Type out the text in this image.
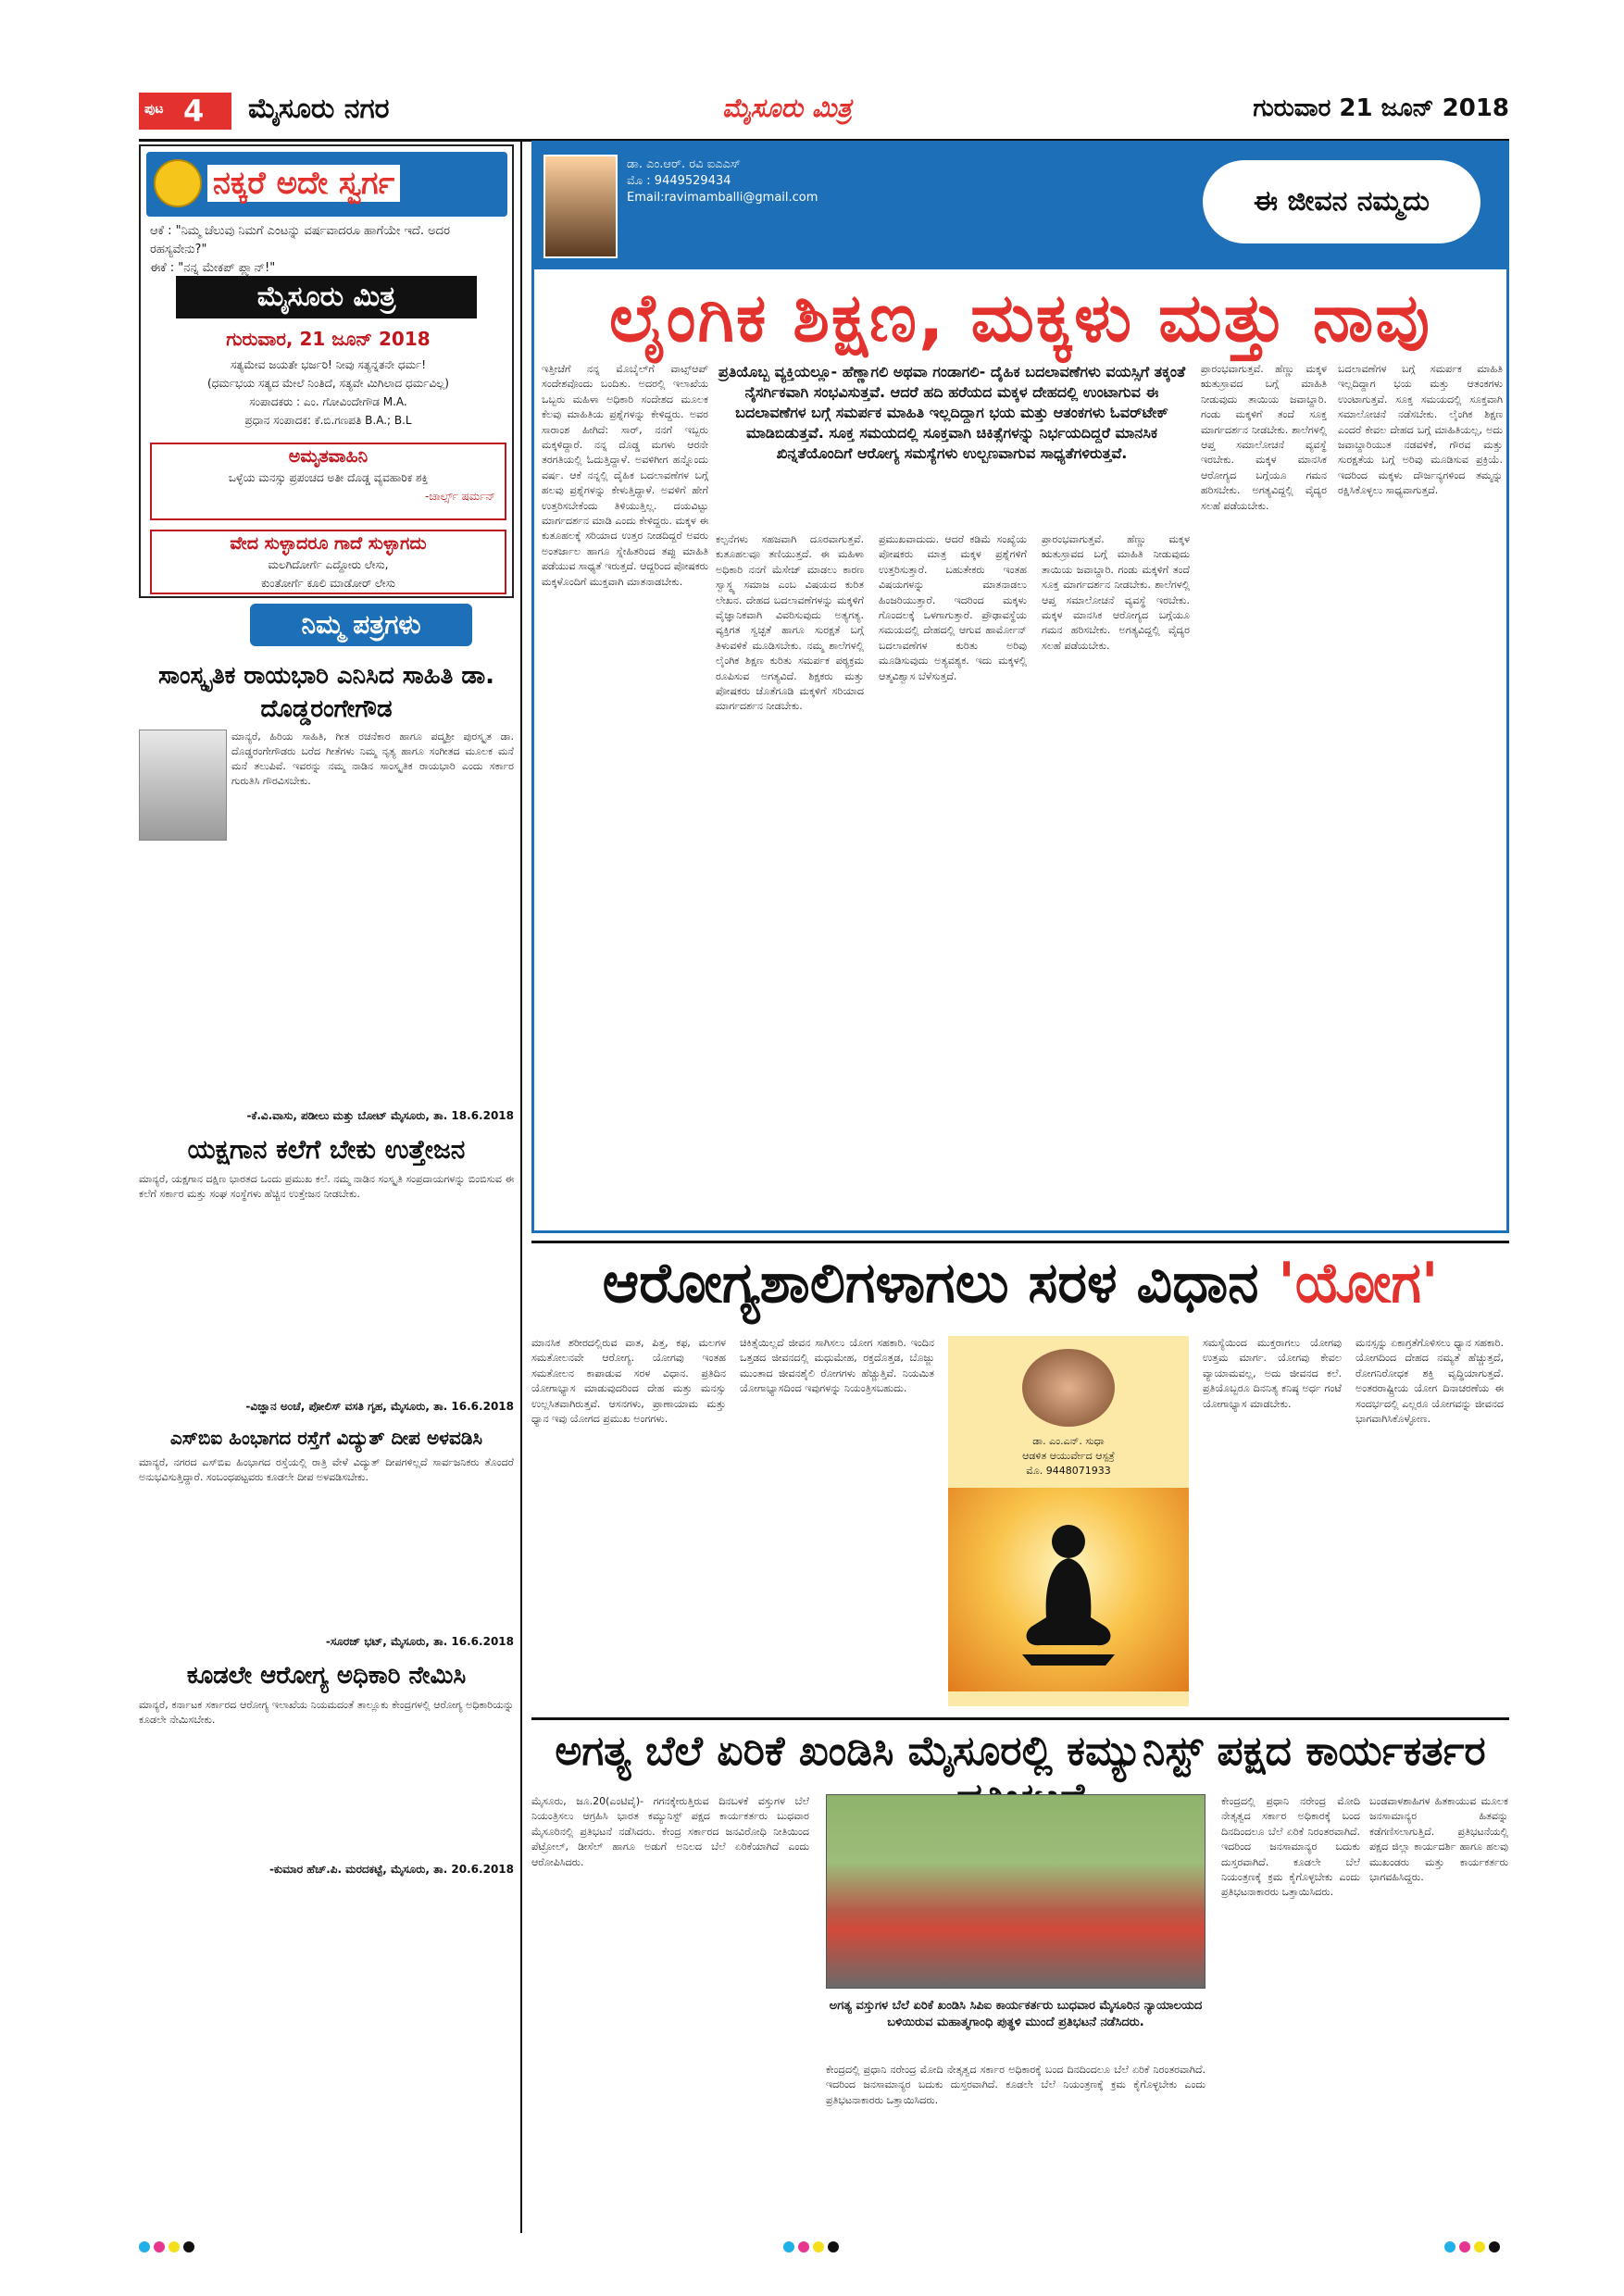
ಪುಟ 4 ಮೈಸೂರು ನಗರ	ಮೈಸೂರು ಮಿತ್ರ	ಗುರುವಾರ 21 ಜೂನ್ 2018
ನಕ್ಕರೆ ಅದೇ ಸ್ವರ್ಗ
ಆಕೆ : "ನಿಮ್ಮ ಚೆಲುವು ನಿಮಗೆ ಎಂಟನ್ನು ವರ್ಷವಾದರೂ ಹಾಗೆಯೇ ಇದೆ. ಅದರ ರಹಸ್ಯವೇನು?"
ಈಕೆ : "ನನ್ನ ಮೇಕಪ್ ಪ್ಲ್ಯಾನ್!"
ಮೈಸೂರು ಮಿತ್ರ
ಗುರುವಾರ, 21 ಜೂನ್ 2018
ಸತ್ಯಮೇವ ಜಯತೇ ಭರ್ಜರಿ! ನೀವು ಸತ್ಯನ್ನತನೇ ಧರ್ಮ!
(ಧರ್ಮಭಯ ಸತ್ಯದ ಮೇಲೆ ನಿಂತಿದೆ, ಸತ್ಯವೇ ಮಿಗಿಲಾದ ಧರ್ಮವಿಲ್ಲ)
ಸಂಪಾದಕರು : ಎಂ. ಗೋವಿಂದೇಗೌಡ M.A.
ಪ್ರಧಾನ ಸಂಪಾದಕ: ಕೆ.ಬಿ.ಗಣಪತಿ B.A.; B.L
ಅಮೃತವಾಹಿನಿ
ಒಳ್ಳೆಯ ಮನಸ್ಸು ಪ್ರಪಂಚದ ಅತೀ ದೊಡ್ಡ ವ್ಯವಹಾರಿಕ ಶಕ್ತಿ
-ಚಾರ್ಲ್ಸ್ ಷರ್ಮನ್
ವೇದ ಸುಳ್ಳಾದರೂ ಗಾದೆ ಸುಳ್ಳಾಗದು
ಮಲಗಿದೋರ್ಗೆ ಎದ್ದೋರು ಲೇಸು,
ಕುಂತೋರ್ಗೆ ಕೂಲಿ ಮಾಡೋರ್ ಲೇಸು
ನಿಮ್ಮ ಪತ್ರಗಳು
ಸಾಂಸ್ಕೃತಿಕ ರಾಯಭಾರಿ ಎನಿಸಿದ ಸಾಹಿತಿ ಡಾ. ದೊಡ್ಡರಂಗೇಗೌಡ
ಮಾನ್ಯರೆ, ಹಿರಿಯ ಸಾಹಿತಿ, ಗೀತ ರಚನೆಕಾರ ಹಾಗೂ ಪದ್ಮಶ್ರೀ ಪುರಸ್ಕೃತ ಡಾ. ದೊಡ್ಡರಂಗೇಗೌಡರು ಬರೆದ ಗೀತೆಗಳು ನಿಮ್ಮ ನೃತ್ಯ ಹಾಗೂ ಸಂಗೀತದ ಮೂಲಕ ಮನೆ ಮನೆ ತಲುಪಿವೆ. ಇವರನ್ನು ನಮ್ಮ ನಾಡಿನ ಸಾಂಸ್ಕೃತಿಕ ರಾಯಭಾರಿ ಎಂದು ಸರ್ಕಾರ ಗುರುತಿಸಿ ಗೌರವಿಸಬೇಕು.
-ಕೆ.ವಿ.ವಾಸು, ಪಡೀಲು ಮತ್ತು ಬೋಟ್ ಮೈಸೂರು, ತಾ. 18.6.2018
ಯಕ್ಷಗಾನ ಕಲೆಗೆ ಬೇಕು ಉತ್ತೇಜನ
ಮಾನ್ಯರೆ, ಯಕ್ಷಗಾನ ದಕ್ಷಿಣ ಭಾರತದ ಒಂದು ಪ್ರಮುಖ ಕಲೆ. ನಮ್ಮ ನಾಡಿನ ಸಂಸ್ಕೃತಿ ಸಂಪ್ರದಾಯಗಳನ್ನು ಬಿಂಬಿಸುವ ಈ ಕಲೆಗೆ ಸರ್ಕಾರ ಮತ್ತು ಸಂಘ ಸಂಸ್ಥೆಗಳು ಹೆಚ್ಚಿನ ಉತ್ತೇಜನ ನೀಡಬೇಕು.
-ವಿಜ್ಞಾನ ಅಂಚೆ, ಪೋಲಿಸ್ ವಸತಿ ಗೃಹ, ಮೈಸೂರು, ತಾ. 16.6.2018
ಎಸ್‌ಬಿಐ ಹಿಂಭಾಗದ ರಸ್ತೆಗೆ ವಿದ್ಯುತ್ ದೀಪ ಅಳವಡಿಸಿ
ಮಾನ್ಯರೆ, ನಗರದ ಎಸ್‌ಬಿಐ ಹಿಂಭಾಗದ ರಸ್ತೆಯಲ್ಲಿ ರಾತ್ರಿ ವೇಳೆ ವಿದ್ಯುತ್ ದೀಪಗಳಿಲ್ಲದೆ ಸಾರ್ವಜನಿಕರು ತೊಂದರೆ ಅನುಭವಿಸುತ್ತಿದ್ದಾರೆ. ಸಂಬಂಧಪಟ್ಟವರು ಕೂಡಲೇ ದೀಪ ಅಳವಡಿಸಬೇಕು.
-ಸೂರಜ್ ಭಟ್, ಮೈಸೂರು, ತಾ. 16.6.2018
ಕೂಡಲೇ ಆರೋಗ್ಯ ಅಧಿಕಾರಿ ನೇಮಿಸಿ
ಮಾನ್ಯರೆ, ಕರ್ನಾಟಕ ಸರ್ಕಾರದ ಆರೋಗ್ಯ ಇಲಾಖೆಯ ನಿಯಮದಂತೆ ತಾಲ್ಲೂಕು ಕೇಂದ್ರಗಳಲ್ಲಿ ಆರೋಗ್ಯ ಅಧಿಕಾರಿಯನ್ನು ಕೂಡಲೇ ನೇಮಿಸಬೇಕು.
-ಕುಮಾರ ಹೆಚ್.ಪಿ. ಮರದಕಟ್ಟೆ, ಮೈಸೂರು, ತಾ. 20.6.2018
ಡಾ. ಎಂ.ಆರ್. ರವಿ ಐಎಎಸ್
ಮೊ : 9449529434
Email:ravimamballi@gmail.com	ಈ ಜೀವನ ನಮ್ಮದು
ಲೈಂಗಿಕ ಶಿಕ್ಷಣ, ಮಕ್ಕಳು ಮತ್ತು ನಾವು
ಇತ್ತೀಚೆಗೆ ನನ್ನ ಮೊಬೈಲ್‌ಗೆ ವಾಟ್ಸ್‌ಆಪ್ ಸಂದೇಶವೊಂದು ಬಂದಿತು. ಅದರಲ್ಲಿ ಇಲಾಖೆಯ ಒಬ್ಬರು ಮಹಿಳಾ ಅಧಿಕಾರಿ ಸಂದೇಶದ ಮೂಲಕ ಕೆಲವು ಮಾಹಿತಿಯ ಪ್ರಶ್ನೆಗಳನ್ನು ಕೇಳಿದ್ದರು. ಅವರ ಸಾರಾಂಶ ಹೀಗಿದೆ: ಸಾರ್, ನನಗೆ ಇಬ್ಬರು ಮಕ್ಕಳಿದ್ದಾರೆ. ನನ್ನ ದೊಡ್ಡ ಮಗಳು ಆರನೇ ತರಗತಿಯಲ್ಲಿ ಓದುತ್ತಿದ್ದಾಳೆ. ಅವಳಿಗೀಗ ಹನ್ನೊಂದು ವರ್ಷ. ಆಕೆ ನನ್ನಲ್ಲಿ ದೈಹಿಕ ಬದಲಾವಣೆಗಳ ಬಗ್ಗೆ ಹಲವು ಪ್ರಶ್ನೆಗಳನ್ನು ಕೇಳುತ್ತಿದ್ದಾಳೆ. ಅವಳಿಗೆ ಹೇಗೆ ಉತ್ತರಿಸಬೇಕೆಂದು ತಿಳಿಯುತ್ತಿಲ್ಲ. ದಯವಿಟ್ಟು ಮಾರ್ಗದರ್ಶನ ಮಾಡಿ ಎಂದು ಕೇಳಿದ್ದರು. ಮಕ್ಕಳ ಈ ಕುತೂಹಲಕ್ಕೆ ಸರಿಯಾದ ಉತ್ತರ ನೀಡದಿದ್ದರೆ ಅವರು ಅಂತರ್ಜಾಲ ಹಾಗೂ ಸ್ನೇಹಿತರಿಂದ ತಪ್ಪು ಮಾಹಿತಿ ಪಡೆಯುವ ಸಾಧ್ಯತೆ ಇರುತ್ತದೆ. ಆದ್ದರಿಂದ ಪೋಷಕರು ಮಕ್ಕಳೊಂದಿಗೆ ಮುಕ್ತವಾಗಿ ಮಾತನಾಡಬೇಕು.
ಪ್ರತಿಯೊಬ್ಬ ವ್ಯಕ್ತಿಯಲ್ಲೂ- ಹೆಣ್ಣಾಗಲಿ ಅಥವಾ ಗಂಡಾಗಲಿ- ದೈಹಿಕ ಬದಲಾವಣೆಗಳು ವಯಸ್ಸಿಗೆ ತಕ್ಕಂತೆ ನೈಸರ್ಗಿಕವಾಗಿ ಸಂಭವಿಸುತ್ತವೆ. ಆದರೆ ಹದಿ ಹರೆಯದ ಮಕ್ಕಳ ದೇಹದಲ್ಲಿ ಉಂಟಾಗುವ ಈ ಬದಲಾವಣೆಗಳ ಬಗ್ಗೆ ಸಮರ್ಪಕ ಮಾಹಿತಿ ಇಲ್ಲದಿದ್ದಾಗ ಭಯ ಮತ್ತು ಆತಂಕಗಳು ಓವರ್‌ಟೇಕ್ ಮಾಡಿಬಿಡುತ್ತವೆ. ಸೂಕ್ತ ಸಮಯದಲ್ಲಿ ಸೂಕ್ತವಾಗಿ ಚಿಕಿತ್ಸೆಗಳನ್ನು ನಿರ್ಭಯದಿದ್ದರೆ ಮಾನಸಿಕ ಖಿನ್ನತೆಯೊಂದಿಗೆ ಆರೋಗ್ಯ ಸಮಸ್ಯೆಗಳು ಉಲ್ಬಣವಾಗುವ ಸಾಧ್ಯತೆಗಳಿರುತ್ತವೆ.
ಕಲ್ಪನೆಗಳು ಸಹಜವಾಗಿ ದೂರವಾಗುತ್ತವೆ. ಕುತೂಹಲವೂ ತಣಿಯುತ್ತದೆ. ಈ ಮಹಿಳಾ ಅಧಿಕಾರಿ ನನಗೆ ಮೆಸೇಜ್ ಮಾಡಲು ಕಾರಣ ಸ್ವಾಸ್ಥ್ಯ ಸಮಾಜ ಎಂಬ ವಿಷಯದ ಕುರಿತ ಲೇಖನ. ದೇಹದ ಬದಲಾವಣೆಗಳನ್ನು ಮಕ್ಕಳಿಗೆ ವೈಜ್ಞಾನಿಕವಾಗಿ ವಿವರಿಸುವುದು ಅತ್ಯಗತ್ಯ. ವ್ಯಕ್ತಿಗತ ಸ್ವಚ್ಛತೆ ಹಾಗೂ ಸುರಕ್ಷತೆ ಬಗ್ಗೆ ತಿಳುವಳಿಕೆ ಮೂಡಿಸಬೇಕು. ನಮ್ಮ ಶಾಲೆಗಳಲ್ಲಿ ಲೈಂಗಿಕ ಶಿಕ್ಷಣ ಕುರಿತು ಸಮರ್ಪಕ ಪಠ್ಯಕ್ರಮ ರೂಪಿಸುವ ಅಗತ್ಯವಿದೆ. ಶಿಕ್ಷಕರು ಮತ್ತು ಪೋಷಕರು ಜೊತೆಗೂಡಿ ಮಕ್ಕಳಿಗೆ ಸರಿಯಾದ ಮಾರ್ಗದರ್ಶನ ನೀಡಬೇಕು.
ಪ್ರಮುಖವಾದುದು. ಆದರೆ ಕಡಿಮೆ ಸಂಖ್ಯೆಯ ಪೋಷಕರು ಮಾತ್ರ ಮಕ್ಕಳ ಪ್ರಶ್ನೆಗಳಿಗೆ ಉತ್ತರಿಸುತ್ತಾರೆ. ಬಹುತೇಕರು ಇಂತಹ ವಿಷಯಗಳನ್ನು ಮಾತನಾಡಲು ಹಿಂಜರಿಯುತ್ತಾರೆ. ಇದರಿಂದ ಮಕ್ಕಳು ಗೊಂದಲಕ್ಕೆ ಒಳಗಾಗುತ್ತಾರೆ. ಪ್ರೌಢಾವಸ್ಥೆಯ ಸಮಯದಲ್ಲಿ ದೇಹದಲ್ಲಿ ಆಗುವ ಹಾರ್ಮೋನ್ ಬದಲಾವಣೆಗಳ ಕುರಿತು ಅರಿವು ಮೂಡಿಸುವುದು ಅತ್ಯವಶ್ಯಕ. ಇದು ಮಕ್ಕಳಲ್ಲಿ ಆತ್ಮವಿಶ್ವಾಸ ಬೆಳೆಸುತ್ತದೆ.
ಪ್ರಾರಂಭವಾಗುತ್ತವೆ. ಹೆಣ್ಣು ಮಕ್ಕಳ ಋತುಸ್ರಾವದ ಬಗ್ಗೆ ಮಾಹಿತಿ ನೀಡುವುದು ತಾಯಿಯ ಜವಾಬ್ದಾರಿ. ಗಂಡು ಮಕ್ಕಳಿಗೆ ತಂದೆ ಸೂಕ್ತ ಮಾರ್ಗದರ್ಶನ ನೀಡಬೇಕು. ಶಾಲೆಗಳಲ್ಲಿ ಆಪ್ತ ಸಮಾಲೋಚನೆ ವ್ಯವಸ್ಥೆ ಇರಬೇಕು. ಮಕ್ಕಳ ಮಾನಸಿಕ ಆರೋಗ್ಯದ ಬಗ್ಗೆಯೂ ಗಮನ ಹರಿಸಬೇಕು. ಅಗತ್ಯವಿದ್ದಲ್ಲಿ ವೈದ್ಯರ ಸಲಹೆ ಪಡೆಯಬೇಕು.
ಬದಲಾವಣೆಗಳ ಬಗ್ಗೆ ಸಮರ್ಪಕ ಮಾಹಿತಿ ಇಲ್ಲದಿದ್ದಾಗ ಭಯ ಮತ್ತು ಆತಂಕಗಳು ಉಂಟಾಗುತ್ತವೆ. ಸೂಕ್ತ ಸಮಯದಲ್ಲಿ ಸೂಕ್ತವಾಗಿ ಸಮಾಲೋಚನೆ ನಡೆಸಬೇಕು. ಲೈಂಗಿಕ ಶಿಕ್ಷಣ ಎಂದರೆ ಕೇವಲ ದೇಹದ ಬಗ್ಗೆ ಮಾಹಿತಿಯಲ್ಲ, ಅದು ಜವಾಬ್ದಾರಿಯುತ ನಡವಳಿಕೆ, ಗೌರವ ಮತ್ತು ಸುರಕ್ಷತೆಯ ಬಗ್ಗೆ ಅರಿವು ಮೂಡಿಸುವ ಪ್ರಕ್ರಿಯೆ. ಇದರಿಂದ ಮಕ್ಕಳು ದೌರ್ಜನ್ಯಗಳಿಂದ ತಮ್ಮನ್ನು ರಕ್ಷಿಸಿಕೊಳ್ಳಲು ಸಾಧ್ಯವಾಗುತ್ತದೆ.
ಪ್ರಾರಂಭವಾಗುತ್ತವೆ. ಹೆಣ್ಣು ಮಕ್ಕಳ ಋತುಸ್ರಾವದ ಬಗ್ಗೆ ಮಾಹಿತಿ ನೀಡುವುದು ತಾಯಿಯ ಜವಾಬ್ದಾರಿ. ಗಂಡು ಮಕ್ಕಳಿಗೆ ತಂದೆ ಸೂಕ್ತ ಮಾರ್ಗದರ್ಶನ ನೀಡಬೇಕು. ಶಾಲೆಗಳಲ್ಲಿ ಆಪ್ತ ಸಮಾಲೋಚನೆ ವ್ಯವಸ್ಥೆ ಇರಬೇಕು. ಮಕ್ಕಳ ಮಾನಸಿಕ ಆರೋಗ್ಯದ ಬಗ್ಗೆಯೂ ಗಮನ ಹರಿಸಬೇಕು. ಅಗತ್ಯವಿದ್ದಲ್ಲಿ ವೈದ್ಯರ ಸಲಹೆ ಪಡೆಯಬೇಕು.
ಆರೋಗ್ಯಶಾಲಿಗಳಾಗಲು ಸರಳ ವಿಧಾನ 'ಯೋಗ'
ಮಾನಸಿಕ ಶರೀರದಲ್ಲಿರುವ ವಾತ, ಪಿತ್ತ, ಕಫ, ಮಲಗಳ ಸಮತೋಲನವೇ ಆರೋಗ್ಯ. ಯೋಗವು ಇಂತಹ ಸಮತೋಲನ ಕಾಪಾಡುವ ಸರಳ ವಿಧಾನ. ಪ್ರತಿದಿನ ಯೋಗಾಭ್ಯಾಸ ಮಾಡುವುದರಿಂದ ದೇಹ ಮತ್ತು ಮನಸ್ಸು ಉಲ್ಲಸಿತವಾಗಿರುತ್ತವೆ. ಆಸನಗಳು, ಪ್ರಾಣಾಯಾಮ ಮತ್ತು ಧ್ಯಾನ ಇವು ಯೋಗದ ಪ್ರಮುಖ ಅಂಗಗಳು.
ಚಿಕಿತ್ಸೆಯಿಲ್ಲದೆ ಜೀವನ ಸಾಗಿಸಲು ಯೋಗ ಸಹಕಾರಿ. ಇಂದಿನ ಒತ್ತಡದ ಜೀವನದಲ್ಲಿ ಮಧುಮೇಹ, ರಕ್ತದೊತ್ತಡ, ಬೊಜ್ಜು ಮುಂತಾದ ಜೀವನಶೈಲಿ ರೋಗಗಳು ಹೆಚ್ಚುತ್ತಿವೆ. ನಿಯಮಿತ ಯೋಗಾಭ್ಯಾಸದಿಂದ ಇವುಗಳನ್ನು ನಿಯಂತ್ರಿಸಬಹುದು.
ಡಾ. ಎಂ.ಎನ್. ಸುಧಾ
ಆಡಳಿತ ಆಯುರ್ವೇದ ಆಸ್ಪತ್ರೆ
ಮೊ. 9448071933
ಸಮಸ್ಯೆಯಿಂದ ಮುಕ್ತರಾಗಲು ಯೋಗವು ಉತ್ತಮ ಮಾರ್ಗ. ಯೋಗವು ಕೇವಲ ವ್ಯಾಯಾಮವಲ್ಲ, ಅದು ಜೀವನದ ಕಲೆ. ಪ್ರತಿಯೊಬ್ಬರೂ ದಿನನಿತ್ಯ ಕನಿಷ್ಠ ಅರ್ಧ ಗಂಟೆ ಯೋಗಾಭ್ಯಾಸ ಮಾಡಬೇಕು.
ಮನಸ್ಸನ್ನು ಏಕಾಗ್ರತೆಗೊಳಿಸಲು ಧ್ಯಾನ ಸಹಕಾರಿ. ಯೋಗದಿಂದ ದೇಹದ ನಮ್ಯತೆ ಹೆಚ್ಚುತ್ತದೆ, ರೋಗನಿರೋಧಕ ಶಕ್ತಿ ವೃದ್ಧಿಯಾಗುತ್ತದೆ. ಅಂತರರಾಷ್ಟ್ರೀಯ ಯೋಗ ದಿನಾಚರಣೆಯ ಈ ಸಂದರ್ಭದಲ್ಲಿ ಎಲ್ಲರೂ ಯೋಗವನ್ನು ಜೀವನದ ಭಾಗವಾಗಿಸಿಕೊಳ್ಳೋಣ.
ಅಗತ್ಯ ಬೆಲೆ ಏರಿಕೆ ಖಂಡಿಸಿ ಮೈಸೂರಲ್ಲಿ ಕಮ್ಯುನಿಸ್ಟ್ ಪಕ್ಷದ ಕಾರ್ಯಕರ್ತರ
ಮೈಸೂರು, ಜೂ.20(ಎಂಟಿವೈ)- ಗಗನಕ್ಕೇರುತ್ತಿರುವ ದಿನಬಳಕೆ ವಸ್ತುಗಳ ಬೆಲೆ ನಿಯಂತ್ರಿಸಲು ಆಗ್ರಹಿಸಿ ಭಾರತ ಕಮ್ಯುನಿಸ್ಟ್ ಪಕ್ಷದ ಕಾರ್ಯಕರ್ತರು ಬುಧವಾರ ಮೈಸೂರಿನಲ್ಲಿ ಪ್ರತಿಭಟನೆ ನಡೆಸಿದರು. ಕೇಂದ್ರ ಸರ್ಕಾರದ ಜನವಿರೋಧಿ ನೀತಿಯಿಂದ ಪೆಟ್ರೋಲ್, ಡೀಸೆಲ್ ಹಾಗೂ ಅಡುಗೆ ಅನಿಲದ ಬೆಲೆ ಏರಿಕೆಯಾಗಿದೆ ಎಂದು ಆರೋಪಿಸಿದರು.
ಅಗತ್ಯ ವಸ್ತುಗಳ ಬೆಲೆ ಏರಿಕೆ ಖಂಡಿಸಿ ಸಿಪಿಐ ಕಾರ್ಯಕರ್ತರು ಬುಧವಾರ ಮೈಸೂರಿನ ನ್ಯಾಯಾಲಯದ ಬಳಿಯಿರುವ ಮಹಾತ್ಮಗಾಂಧಿ ಪುತ್ಥಳಿ ಮುಂದೆ ಪ್ರತಿಭಟನೆ ನಡೆಸಿದರು.
ಕೇಂದ್ರದಲ್ಲಿ ಪ್ರಧಾನಿ ನರೇಂದ್ರ ಮೋದಿ ನೇತೃತ್ವದ ಸರ್ಕಾರ ಅಧಿಕಾರಕ್ಕೆ ಬಂದ ದಿನದಿಂದಲೂ ಬೆಲೆ ಏರಿಕೆ ನಿರಂತರವಾಗಿದೆ. ಇದರಿಂದ ಜನಸಾಮಾನ್ಯರ ಬದುಕು ದುಸ್ತರವಾಗಿದೆ. ಕೂಡಲೇ ಬೆಲೆ ನಿಯಂತ್ರಣಕ್ಕೆ ಕ್ರಮ ಕೈಗೊಳ್ಳಬೇಕು ಎಂದು ಪ್ರತಿಭಟನಾಕಾರರು ಒತ್ತಾಯಿಸಿದರು.
ಕೇಂದ್ರದಲ್ಲಿ ಪ್ರಧಾನಿ ನರೇಂದ್ರ ಮೋದಿ ನೇತೃತ್ವದ ಸರ್ಕಾರ ಅಧಿಕಾರಕ್ಕೆ ಬಂದ ದಿನದಿಂದಲೂ ಬೆಲೆ ಏರಿಕೆ ನಿರಂತರವಾಗಿದೆ. ಇದರಿಂದ ಜನಸಾಮಾನ್ಯರ ಬದುಕು ದುಸ್ತರವಾಗಿದೆ. ಕೂಡಲೇ ಬೆಲೆ ನಿಯಂತ್ರಣಕ್ಕೆ ಕ್ರಮ ಕೈಗೊಳ್ಳಬೇಕು ಎಂದು ಪ್ರತಿಭಟನಾಕಾರರು ಒತ್ತಾಯಿಸಿದರು.
ಬಂಡವಾಳಶಾಹಿಗಳ ಹಿತಕಾಯುವ ಮೂಲಕ ಜನಸಾಮಾನ್ಯರ ಹಿತವನ್ನು ಕಡೆಗಣಿಸಲಾಗುತ್ತಿದೆ. ಪ್ರತಿಭಟನೆಯಲ್ಲಿ ಪಕ್ಷದ ಜಿಲ್ಲಾ ಕಾರ್ಯದರ್ಶಿ ಹಾಗೂ ಹಲವು ಮುಖಂಡರು ಮತ್ತು ಕಾರ್ಯಕರ್ತರು ಭಾಗವಹಿಸಿದ್ದರು.
